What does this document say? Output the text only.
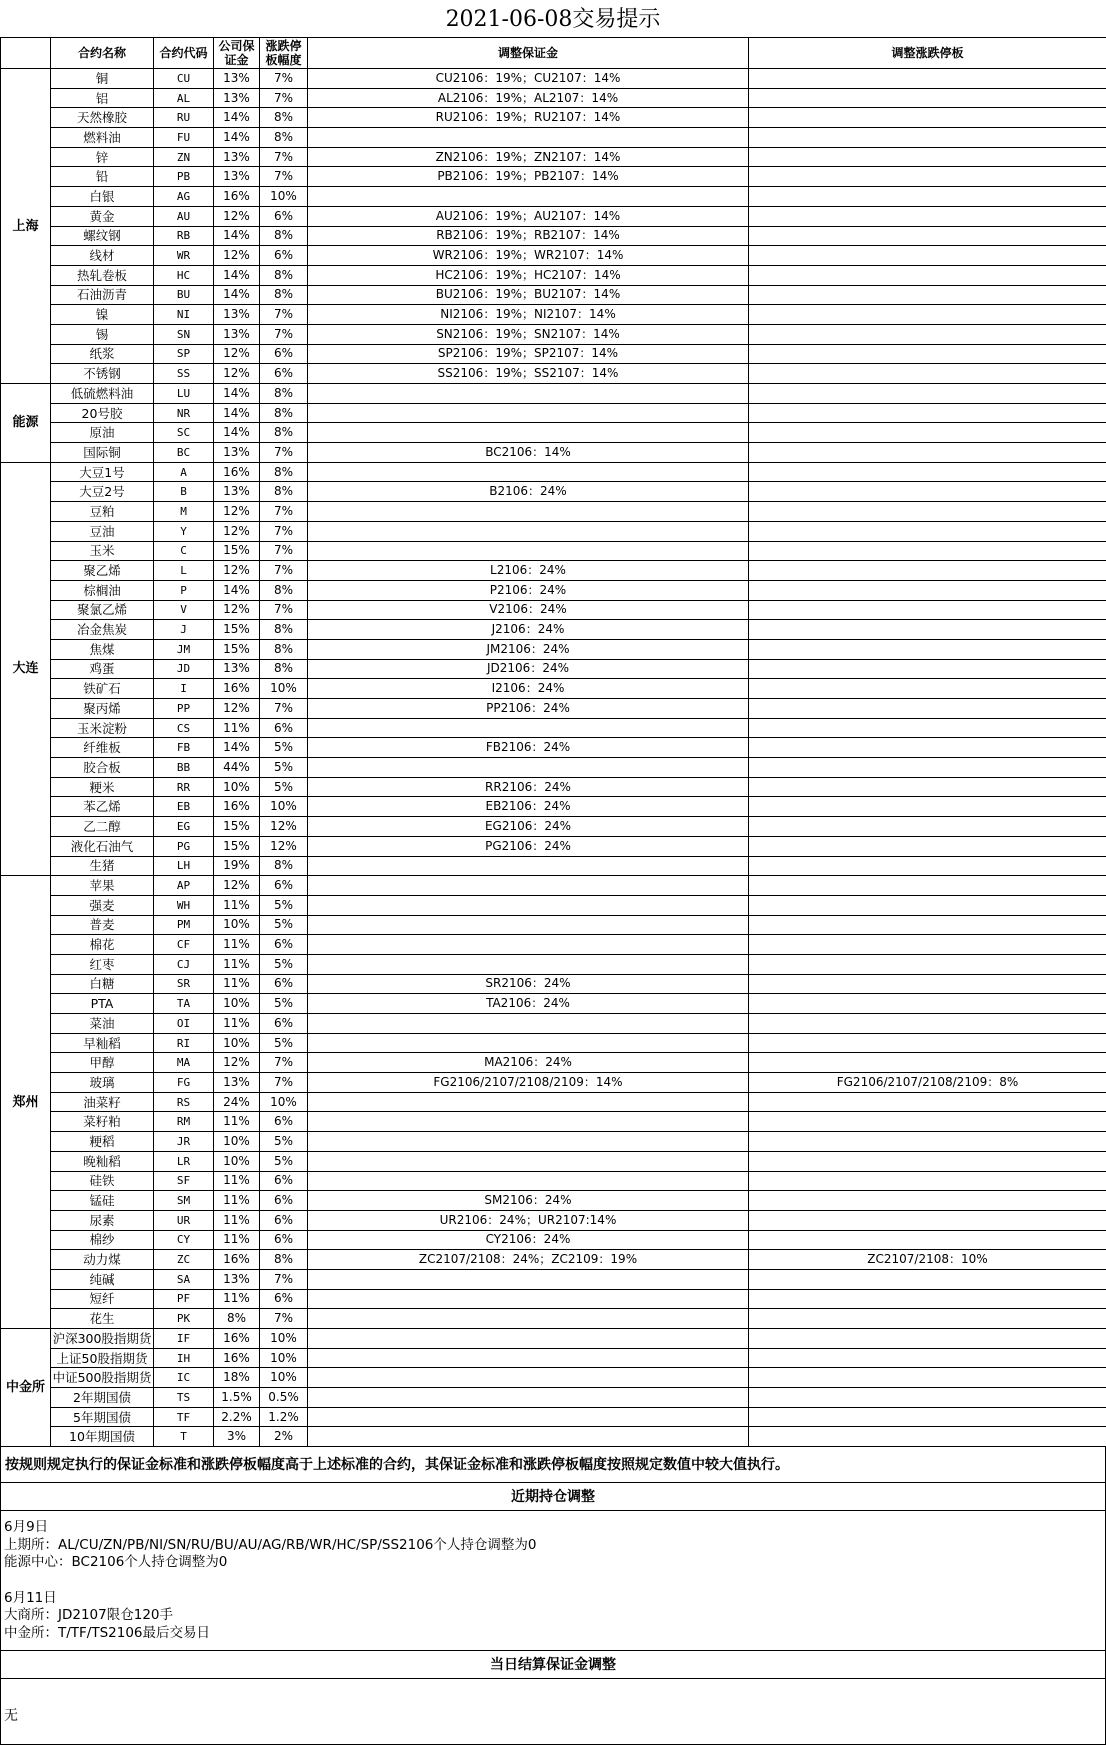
2021-06-08交易提示
	合约名称	合约代码	公司保证金	涨跌停板幅度	调整保证金	调整涨跌停板
上海	铜	CU	13%	7%	CU2106：19%；CU2107：14%	
	铝	AL	13%	7%	AL2106：19%；AL2107：14%	
	天然橡胶	RU	14%	8%	RU2106：19%；RU2107：14%	
	燃料油	FU	14%	8%		
	锌	ZN	13%	7%	ZN2106：19%；ZN2107：14%	
	铅	PB	13%	7%	PB2106：19%；PB2107：14%	
	白银	AG	16%	10%		
	黄金	AU	12%	6%	AU2106：19%；AU2107：14%	
	螺纹钢	RB	14%	8%	RB2106：19%；RB2107：14%	
	线材	WR	12%	6%	WR2106：19%；WR2107：14%	
	热轧卷板	HC	14%	8%	HC2106：19%；HC2107：14%	
	石油沥青	BU	14%	8%	BU2106：19%；BU2107：14%	
	镍	NI	13%	7%	NI2106：19%；NI2107：14%	
	锡	SN	13%	7%	SN2106：19%；SN2107：14%	
	纸浆	SP	12%	6%	SP2106：19%；SP2107：14%	
	不锈钢	SS	12%	6%	SS2106：19%；SS2107：14%	
能源	低硫燃料油	LU	14%	8%		
	20号胶	NR	14%	8%		
	原油	SC	14%	8%		
	国际铜	BC	13%	7%	BC2106：14%	
大连	大豆1号	A	16%	8%		
	大豆2号	B	13%	8%	B2106：24%	
	豆粕	M	12%	7%		
	豆油	Y	12%	7%		
	玉米	C	15%	7%		
	聚乙烯	L	12%	7%	L2106：24%	
	棕榈油	P	14%	8%	P2106：24%	
	聚氯乙烯	V	12%	7%	V2106：24%	
	冶金焦炭	J	15%	8%	J2106：24%	
	焦煤	JM	15%	8%	JM2106：24%	
	鸡蛋	JD	13%	8%	JD2106：24%	
	铁矿石	I	16%	10%	I2106：24%	
	聚丙烯	PP	12%	7%	PP2106：24%	
	玉米淀粉	CS	11%	6%		
	纤维板	FB	14%	5%	FB2106：24%	
	胶合板	BB	44%	5%		
	粳米	RR	10%	5%	RR2106：24%	
	苯乙烯	EB	16%	10%	EB2106：24%	
	乙二醇	EG	15%	12%	EG2106：24%	
	液化石油气	PG	15%	12%	PG2106：24%	
	生猪	LH	19%	8%		
郑州	苹果	AP	12%	6%		
	强麦	WH	11%	5%		
	普麦	PM	10%	5%		
	棉花	CF	11%	6%		
	红枣	CJ	11%	5%		
	白糖	SR	11%	6%	SR2106：24%	
	PTA	TA	10%	5%	TA2106：24%	
	菜油	OI	11%	6%		
	早籼稻	RI	10%	5%		
	甲醇	MA	12%	7%	MA2106：24%	
	玻璃	FG	13%	7%	FG2106/2107/2108/2109：14%	FG2106/2107/2108/2109：8%
	油菜籽	RS	24%	10%		
	菜籽粕	RM	11%	6%		
	粳稻	JR	10%	5%		
	晚籼稻	LR	10%	5%		
	硅铁	SF	11%	6%		
	锰硅	SM	11%	6%	SM2106：24%	
	尿素	UR	11%	6%	UR2106：24%；UR2107:14%	
	棉纱	CY	11%	6%	CY2106：24%	
	动力煤	ZC	16%	8%	ZC2107/2108：24%；ZC2109：19%	ZC2107/2108：10%
	纯碱	SA	13%	7%		
	短纤	PF	11%	6%		
	花生	PK	8%	7%		
中金所	沪深300股指期货	IF	16%	10%		
	上证50股指期货	IH	16%	10%		
	中证500股指期货	IC	18%	10%		
	2年期国债	TS	1.5%	0.5%		
	5年期国债	TF	2.2%	1.2%		
	10年期国债	T	3%	2%		
按规则规定执行的保证金标准和涨跌停板幅度高于上述标准的合约，其保证金标准和涨跌停板幅度按照规定数值中较大值执行。
近期持仓调整
6月9日
上期所：AL/CU/ZN/PB/NI/SN/RU/BU/AU/AG/RB/WR/HC/SP/SS2106个人持仓调整为0
能源中心：BC2106个人持仓调整为0
6月11日
大商所：JD2107限仓120手
中金所：T/TF/TS2106最后交易日
当日结算保证金调整
无
